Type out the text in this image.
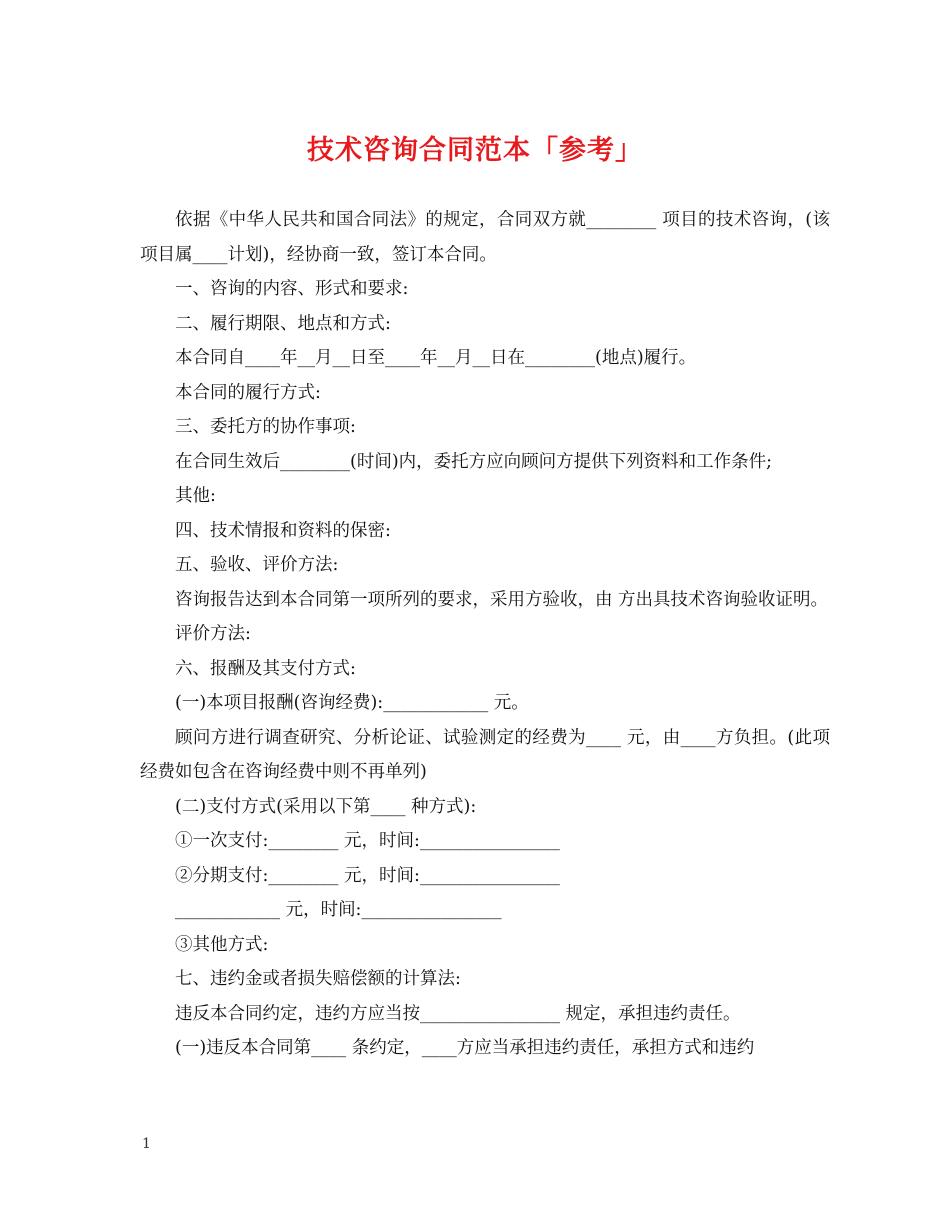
技术咨询合同范本「参考」

依据《中华人民共和国合同法》的规定，合同双方就________ 项目的技术咨询，(该项目属____计划)，经协商一致，签订本合同。

一、咨询的内容、形式和要求:

二、履行期限、地点和方式:

本合同自____年__月__日至____年__月__日在________(地点)履行。

本合同的履行方式:

三、委托方的协作事项:

在合同生效后________(时间)内，委托方应向顾问方提供下列资料和工作条件;

其他:

四、技术情报和资料的保密:

五、验收、评价方法:

咨询报告达到本合同第一项所列的要求，采用方验收，由 方出具技术咨询验收证明。

评价方法:

六、报酬及其支付方式:

(一)本项目报酬(咨询经费):____________ 元。

顾问方进行调查研究、分析论证、试验测定的经费为____ 元，由____方负担。(此项经费如包含在咨询经费中则不再单列)

(二)支付方式(采用以下第____ 种方式):

①一次支付:________ 元，时间:________________

②分期支付:________ 元，时间:________________

____________ 元，时间:________________

③其他方式:

七、违约金或者损失赔偿额的计算法:

违反本合同约定，违约方应当按________________ 规定，承担违约责任。

(一)违反本合同第____ 条约定，____方应当承担违约责任，承担方式和违约

1
